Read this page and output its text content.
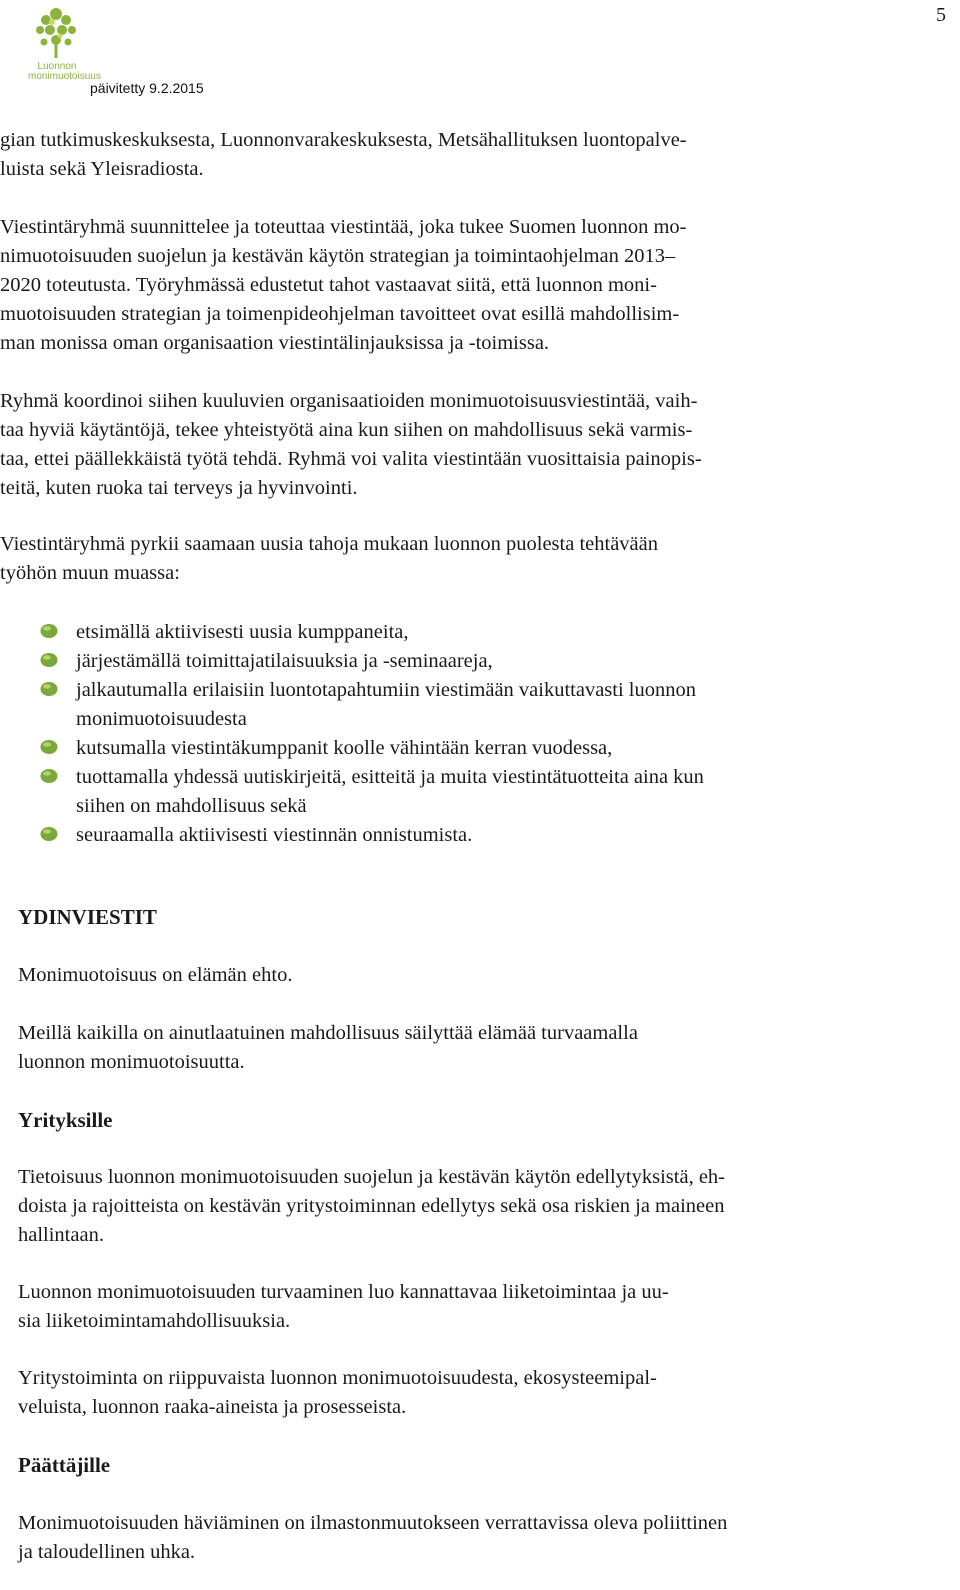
5
Luonnon
monimuotoisuus
päivitetty 9.2.2015
gian tutkimuskeskuksesta, Luonnonvarakeskuksesta, Metsähallituksen luontopalve-
luista sekä Yleisradiosta.
Viestintäryhmä suunnittelee ja toteuttaa viestintää, joka tukee Suomen luonnon mo-
nimuotoisuuden suojelun ja kestävän käytön strategian ja toimintaohjelman 2013–
2020 toteutusta. Työryhmässä edustetut tahot vastaavat siitä, että luonnon moni-
muotoisuuden strategian ja toimenpideohjelman tavoitteet ovat esillä mahdollisim-
man monissa oman organisaation viestintälinjauksissa ja -toimissa.
Ryhmä koordinoi siihen kuuluvien organisaatioiden monimuotoisuusviestintää, vaih-
taa hyviä käytäntöjä, tekee yhteistyötä aina kun siihen on mahdollisuus sekä varmis-
taa, ettei päällekkäistä työtä tehdä. Ryhmä voi valita viestintään vuosittaisia painopis-
teitä, kuten ruoka tai terveys ja hyvinvointi.
Viestintäryhmä pyrkii saamaan uusia tahoja mukaan luonnon puolesta tehtävään
työhön muun muassa:
etsimällä aktiivisesti uusia kumppaneita,
järjestämällä toimittajatilaisuuksia ja -seminaareja,
jalkautumalla erilaisiin luontotapahtumiin viestimään vaikuttavasti luonnon
monimuotoisuudesta
kutsumalla viestintäkumppanit koolle vähintään kerran vuodessa,
tuottamalla yhdessä uutiskirjeitä, esitteitä ja muita viestintätuotteita aina kun
siihen on mahdollisuus sekä
seuraamalla aktiivisesti viestinnän onnistumista.
YDINVIESTIT
Monimuotoisuus on elämän ehto.
Meillä kaikilla on ainutlaatuinen mahdollisuus säilyttää elämää turvaamalla
luonnon monimuotoisuutta.
Yrityksille
Tietoisuus luonnon monimuotoisuuden suojelun ja kestävän käytön edellytyksistä, eh-
doista ja rajoitteista on kestävän yritystoiminnan edellytys sekä osa riskien ja maineen
hallintaan.
Luonnon monimuotoisuuden turvaaminen luo kannattavaa liiketoimintaa ja uu-
sia liiketoimintamahdollisuuksia.
Yritystoiminta on riippuvaista luonnon monimuotoisuudesta, ekosysteemipal-
veluista, luonnon raaka-aineista ja prosesseista.
Päättäjille
Monimuotoisuuden häviäminen on ilmastonmuutokseen verrattavissa oleva poliittinen
ja taloudellinen uhka.
